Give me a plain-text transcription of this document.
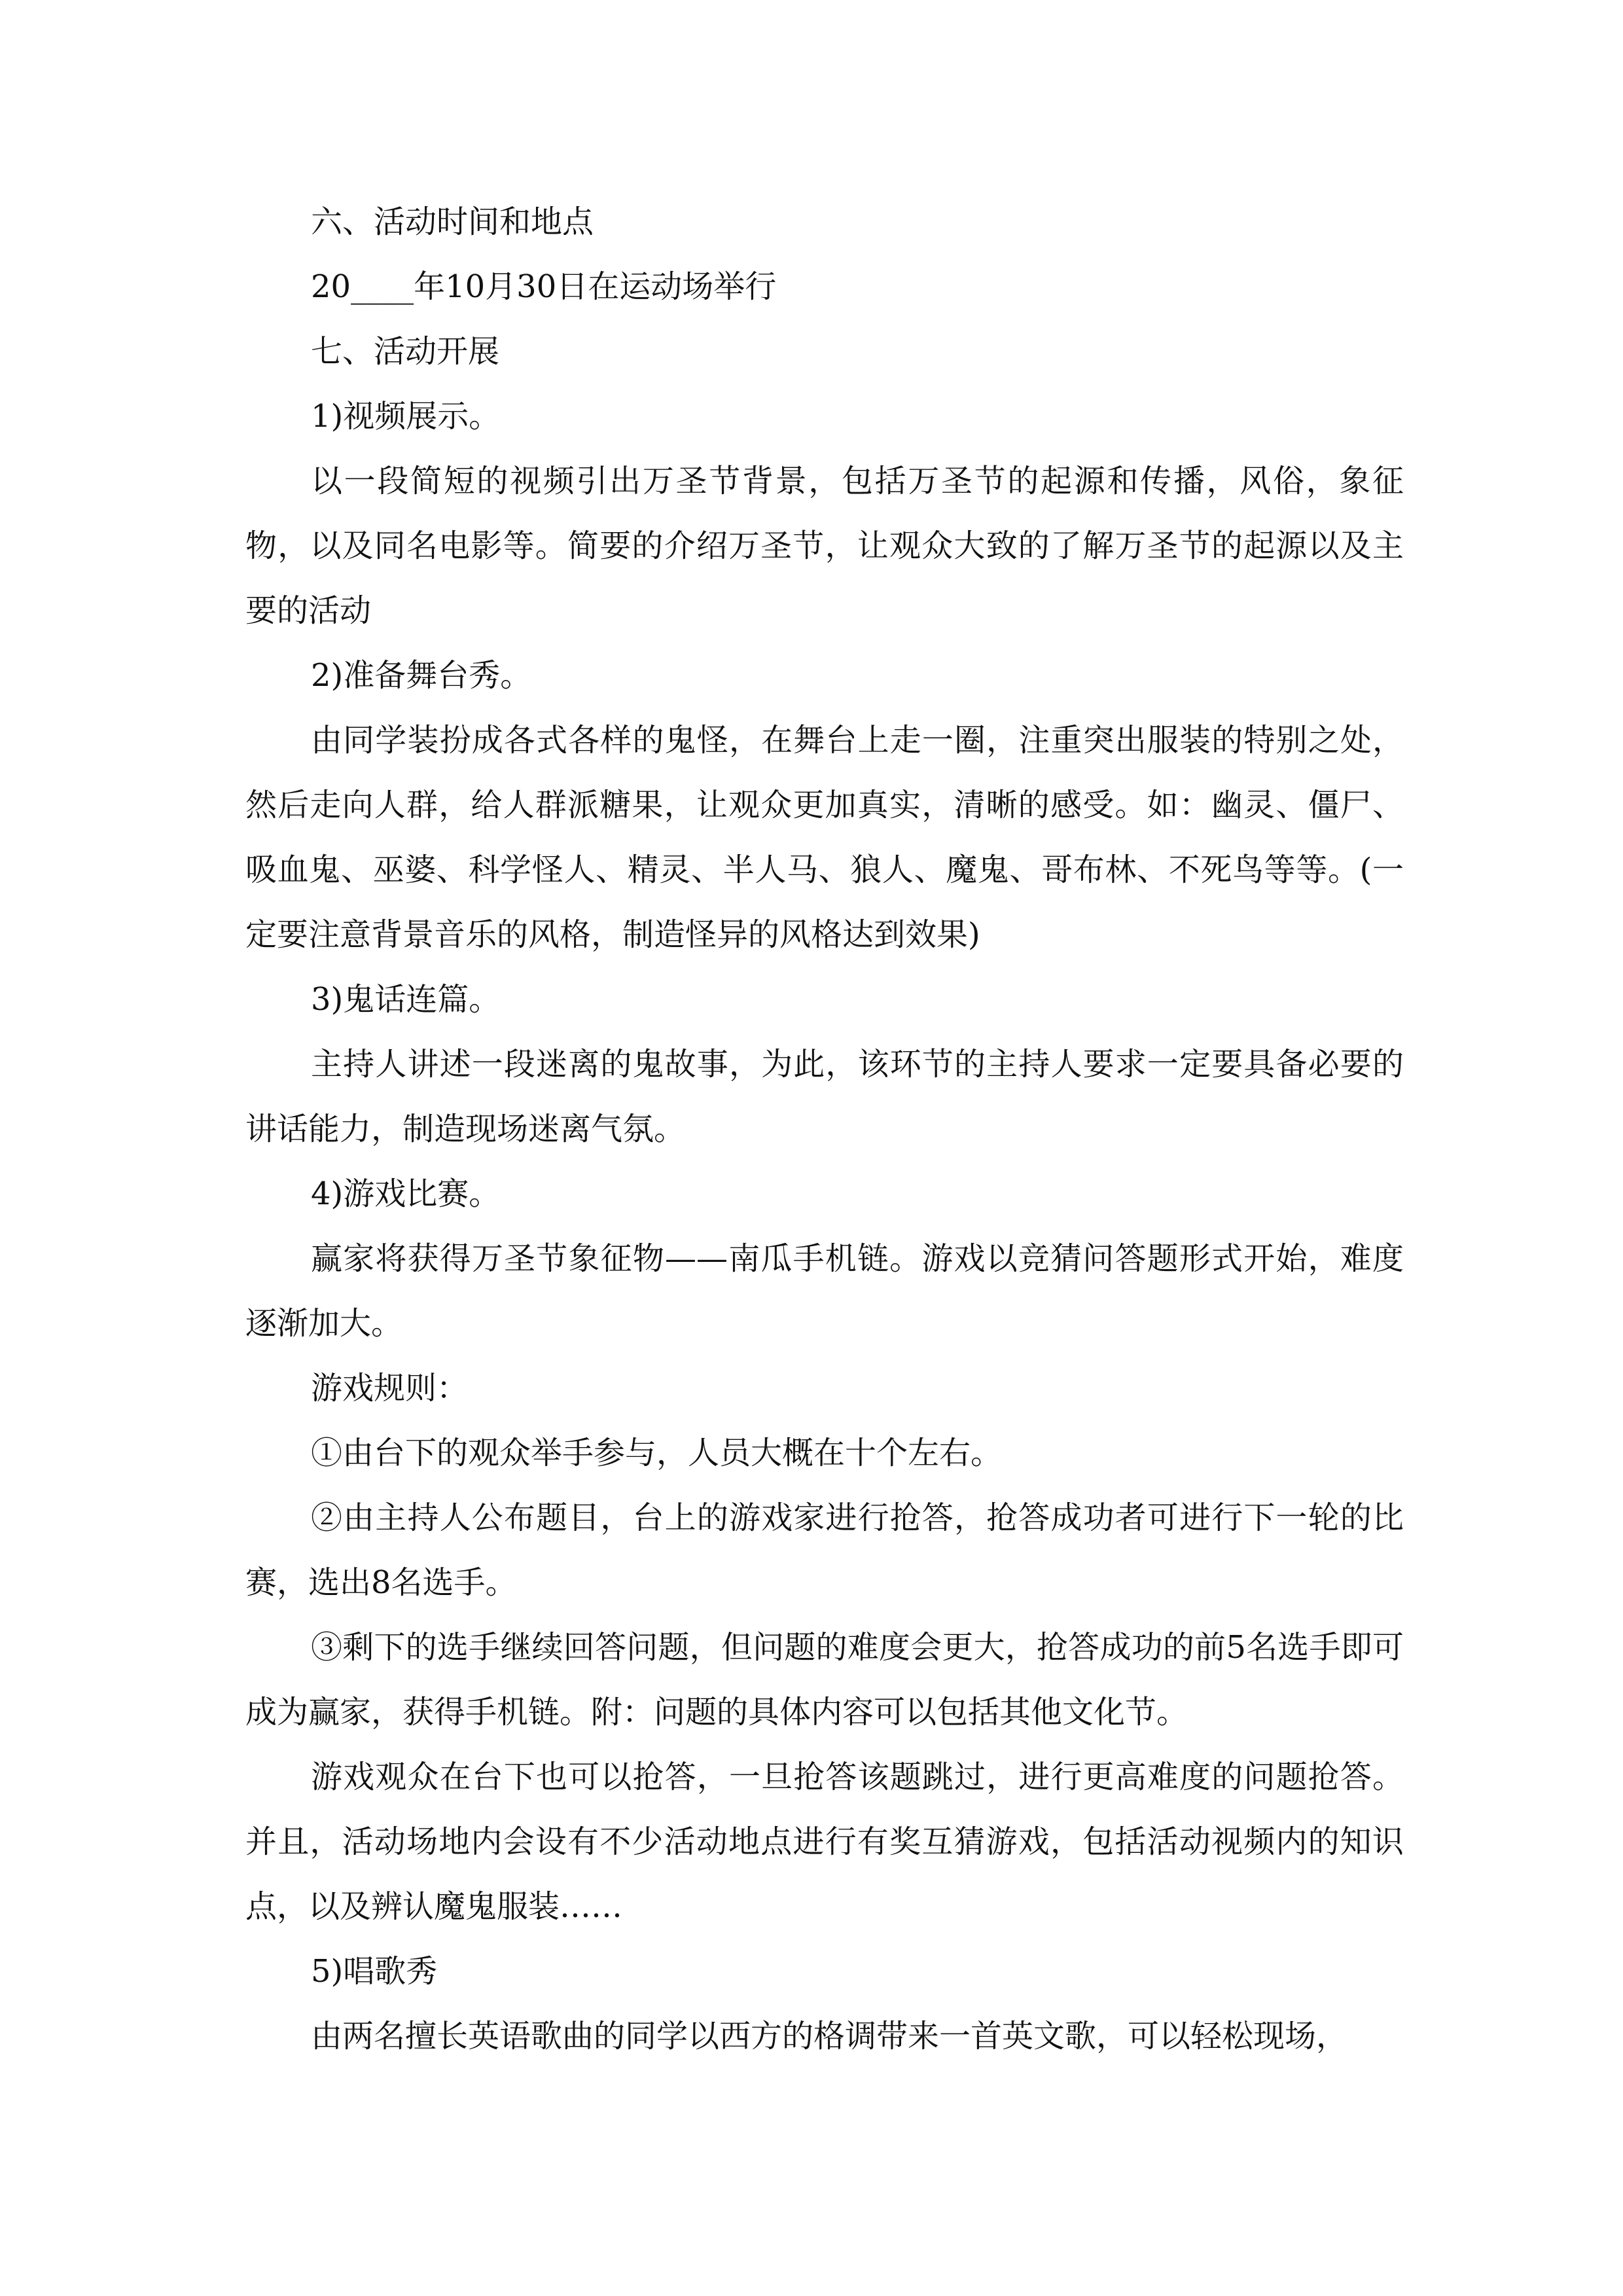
六、活动时间和地点

20____年10月30日在运动场举行

七、活动开展

1)视频展示。

以一段简短的视频引出万圣节背景，包括万圣节的起源和传播，风俗，象征物，以及同名电影等。简要的介绍万圣节，让观众大致的了解万圣节的起源以及主要的活动

2)准备舞台秀。

由同学装扮成各式各样的鬼怪，在舞台上走一圈，注重突出服装的特别之处，然后走向人群，给人群派糖果，让观众更加真实，清晰的感受。如：幽灵、僵尸、吸血鬼、巫婆、科学怪人、精灵、半人马、狼人、魔鬼、哥布林、不死鸟等等。(一定要注意背景音乐的风格，制造怪异的风格达到效果)

3)鬼话连篇。

主持人讲述一段迷离的鬼故事，为此，该环节的主持人要求一定要具备必要的讲话能力，制造现场迷离气氛。

4)游戏比赛。

赢家将获得万圣节象征物——南瓜手机链。游戏以竞猜问答题形式开始，难度逐渐加大。

游戏规则：

①由台下的观众举手参与，人员大概在十个左右。

②由主持人公布题目，台上的游戏家进行抢答，抢答成功者可进行下一轮的比赛，选出8名选手。

③剩下的选手继续回答问题，但问题的难度会更大，抢答成功的前5名选手即可成为赢家，获得手机链。附：问题的具体内容可以包括其他文化节。

游戏观众在台下也可以抢答，一旦抢答该题跳过，进行更高难度的问题抢答。并且，活动场地内会设有不少活动地点进行有奖互猜游戏，包括活动视频内的知识点，以及辨认魔鬼服装……

5)唱歌秀

由两名擅长英语歌曲的同学以西方的格调带来一首英文歌，可以轻松现场，
